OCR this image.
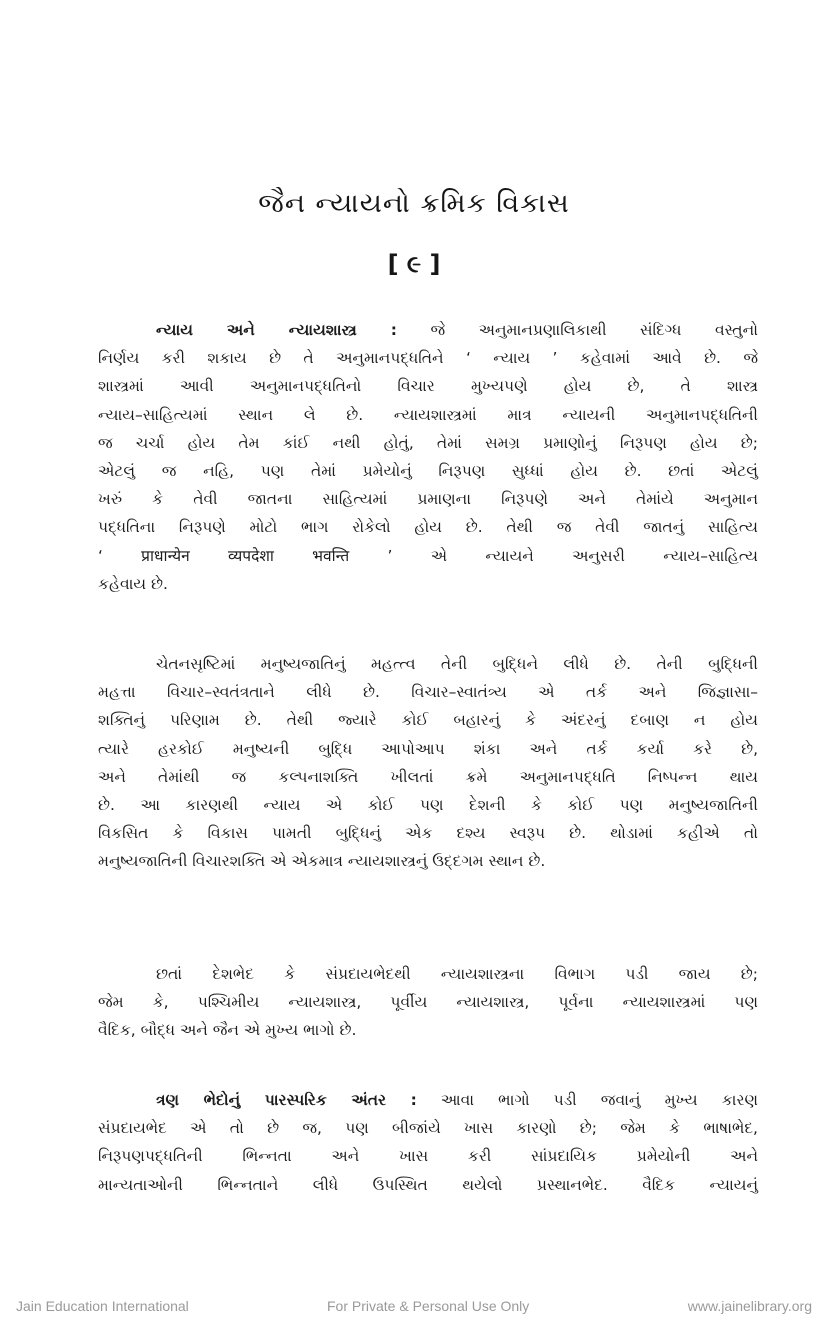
જૈન ન્યાયનો ક્રમિક વિકાસ
[ ૯ ]
ન્યાય અને ન્યાયશાસ્ત્ર : જે અનુમાનપ્રણાલિકાથી સંદિગ્ધ વસ્તુનો
નિર્ણય કરી શકાય છે તે અનુમાનપદ્ધતિને ‘ ન્યાય ’ કહેવામાં આવે છે. જે
શાસ્ત્રમાં આવી અનુમાનપદ્ધતિનો વિચાર મુખ્યપણે હોય છે, તે શાસ્ત્ર
ન્યાય–સાહિત્યમાં સ્થાન લે છે. ન્યાયશાસ્ત્રમાં માત્ર ન્યાયની અનુમાનપદ્ધતિની
જ ચર્ચા હોય તેમ કાંઈ નથી હોતું, તેમાં સમગ્ર પ્રમાણોનું નિરૂપણ હોય છે;
એટલું જ નહિ, પણ તેમાં પ્રમેયોનું નિરૂપણ સુધ્ધાં હોય છે. છતાં એટલું
ખરું કે તેવી જાતના સાહિત્યમાં પ્રમાણના નિરૂપણે અને તેમાંયે અનુમાન
પદ્ધતિના નિરૂપણે મોટો ભાગ રોકેલો હોય છે. તેથી જ તેવી જાતનું સાહિત્ય
‘ प्राधान्येन व्यपदेशा भवन्ति ’ એ ન્યાયને અનુસરી ન્યાય–સાહિત્ય
કહેવાય છે.
ચેતનસૃષ્ટિમાં મનુષ્યજાતિનું મહત્ત્વ તેની બુદ્ધિને લીધે છે. તેની બુદ્ધિની
મહત્તા વિચાર–સ્વતંત્રતાને લીધે છે. વિચાર–સ્વાતંત્ર્ય એ તર્ક અને જિજ્ઞાસા–
શક્તિનું પરિણામ છે. તેથી જ્યારે કોઈ બહારનું કે અંદરનું દબાણ ન હોય
ત્યારે હરકોઈ મનુષ્યની બુદ્ધિ આપોઆપ શંકા અને તર્ક કર્યા કરે છે,
અને તેમાંથી જ કલ્પનાશક્તિ ખીલતાં ક્રમે અનુમાનપદ્ધતિ નિષ્પન્ન થાય
છે. આ કારણથી ન્યાય એ કોઈ પણ દેશની કે કોઈ પણ મનુષ્યજાતિની
વિકસિત કે વિકાસ પામતી બુદ્ધિનું એક દશ્ય સ્વરૂપ છે. થોડામાં કહીએ તો
મનુષ્યજાતિની વિચારશક્તિ એ એકમાત્ર ન્યાયશાસ્ત્રનું ઉદ્દગમ સ્થાન છે.
છતાં દેશભેદ કે સંપ્રદાયભેદથી ન્યાયશાસ્ત્રના વિભાગ પડી જાય છે;
જેમ કે, પશ્ચિમીય ન્યાયશાસ્ત્ર, પૂર્વીય ન્યાયશાસ્ત્ર, પૂર્વના ન્યાયશાસ્ત્રમાં પણ
વૈદિક, બૌદ્ધ અને જૈન એ મુખ્ય ભાગો છે.
ત્રણ ભેદોનું પારસ્પરિક અંતર : આવા ભાગો પડી જવાનું મુખ્ય કારણ
સંપ્રદાયભેદ એ તો છે જ, પણ બીજાંયે ખાસ કારણો છે; જેમ કે ભાષાભેદ,
નિરૂપણપદ્ધતિની ભિન્નતા અને ખાસ કરી સાંપ્રદાયિક પ્રમેયોની અને
માન્યતાઓની ભિન્નતાને લીધે ઉપસ્થિત થયેલો પ્રસ્થાનભેદ. વૈદિક ન્યાયનું
Jain Education International	For Private & Personal Use Only	www.jainelibrary.org
